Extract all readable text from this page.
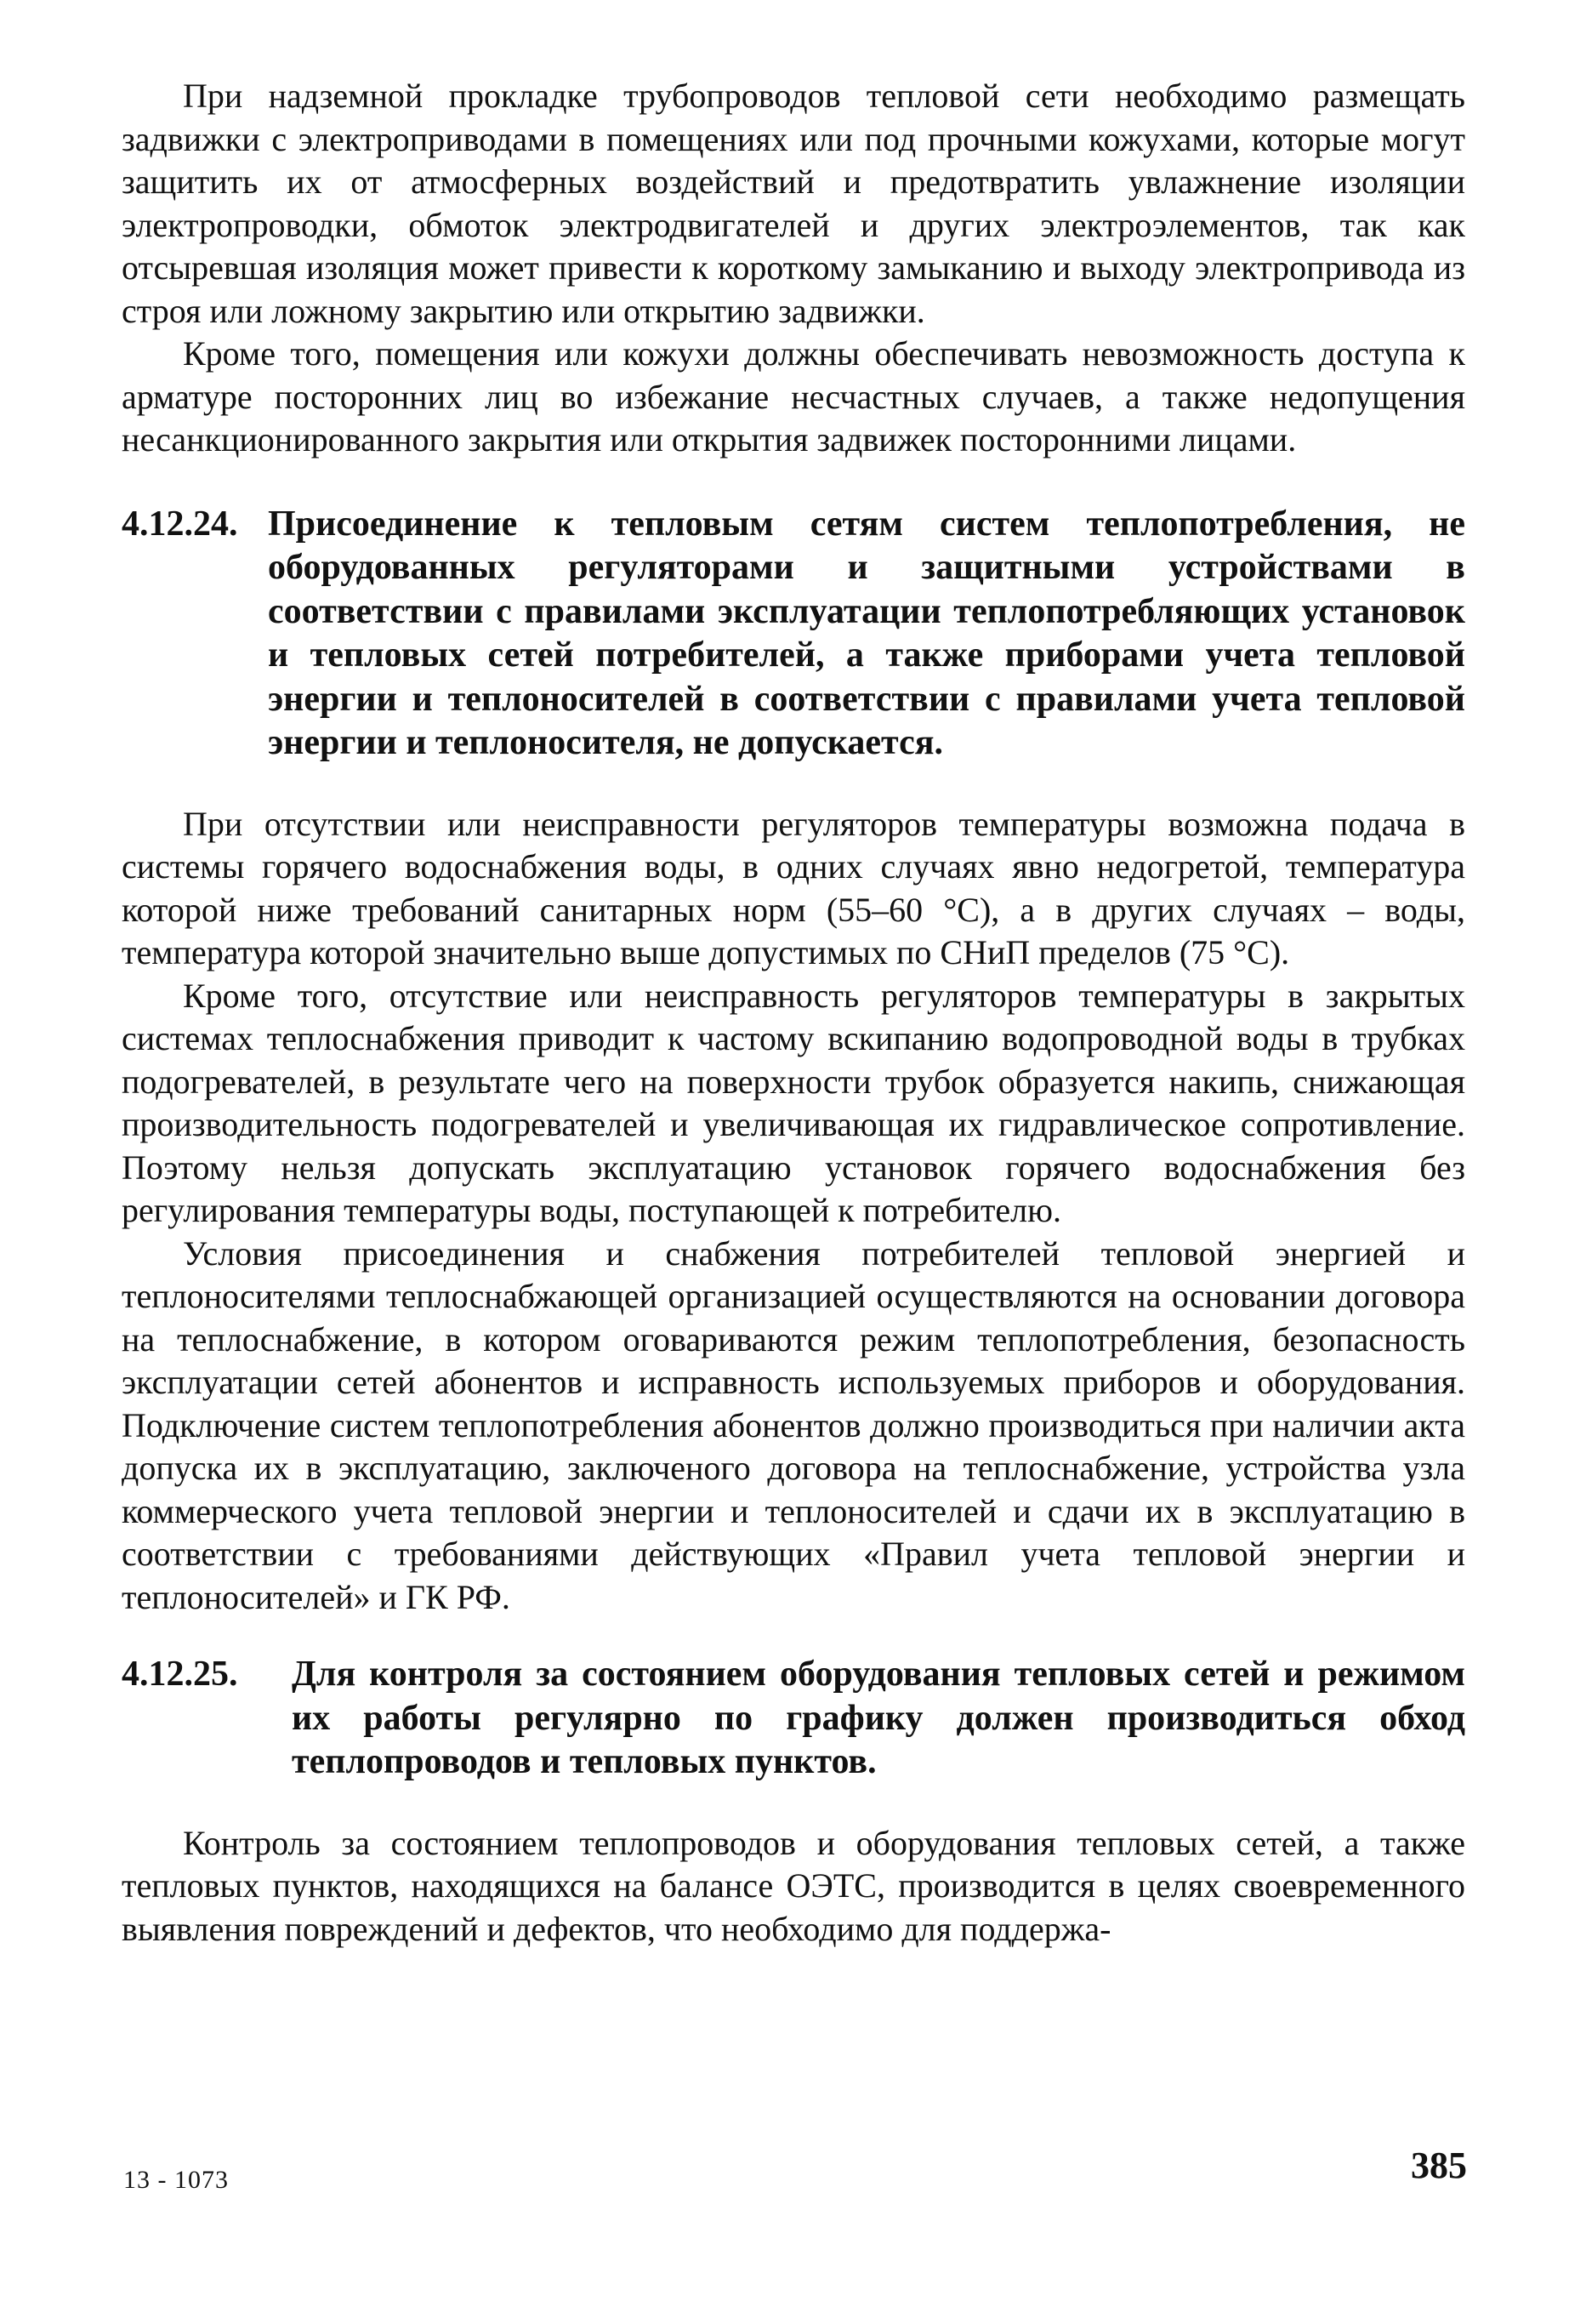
При надземной прокладке трубопроводов тепловой сети необходимо размещать задвижки с электроприводами в помещениях или под прочными кожухами, которые могут защитить их от атмосферных воздействий и предотвратить увлажнение изоляции электропроводки, обмоток электродвигателей и других электроэлементов, так как отсыревшая изоляция может привести к короткому замыканию и выходу электропривода из строя или ложному закрытию или открытию задвижки.

Кроме того, помещения или кожухи должны обеспечивать невозможность доступа к арматуре посторонних лиц во избежание несчастных случаев, а также недопущения несанкционированного закрытия или открытия задвижек посторонними лицами.

4.12.24. Присоединение к тепловым сетям систем теплопотребления, не оборудованных регуляторами и защитными устройствами в соответствии с правилами эксплуатации теплопотребляющих установок и тепловых сетей потребителей, а также приборами учета тепловой энергии и теплоносителей в соответствии с правилами учета тепловой энергии и теплоносителя, не допускается.

При отсутствии или неисправности регуляторов температуры возможна подача в системы горячего водоснабжения воды, в одних случаях явно недогретой, температура которой ниже требований санитарных норм (55–60 °С), а в других случаях – воды, температура которой значительно выше допустимых по СНиП пределов (75 °С).

Кроме того, отсутствие или неисправность регуляторов температуры в закрытых системах теплоснабжения приводит к частому вскипанию водопроводной воды в трубках подогревателей, в результате чего на поверхности трубок образуется накипь, снижающая производительность подогревателей и увеличивающая их гидравлическое сопротивление. Поэтому нельзя допускать эксплуатацию установок горячего водоснабжения без регулирования температуры воды, поступающей к потребителю.

Условия присоединения и снабжения потребителей тепловой энергией и теплоносителями теплоснабжающей организацией осуществляются на основании договора на теплоснабжение, в котором оговариваются режим теплопотребления, безопасность эксплуатации сетей абонентов и исправность используемых приборов и оборудования. Подключение систем теплопотребления абонентов должно производиться при наличии акта допуска их в эксплуатацию, заключеного договора на теплоснабжение, устройства узла коммерческого учета тепловой энергии и теплоносителей и сдачи их в эксплуатацию в соответствии с требованиями действующих «Правил учета тепловой энергии и теплоносителей» и ГК РФ.

4.12.25.	Для контроля за состоянием оборудования тепловых сетей и режимом их работы регулярно по графику должен производиться обход теплопроводов и тепловых пунктов.

Контроль за состоянием теплопроводов и оборудования тепловых сетей, а также тепловых пунктов, находящихся на балансе ОЭТС, производится в целях своевременного выявления повреждений и дефектов, что необходимо для поддержа-

13 - 1073	385
